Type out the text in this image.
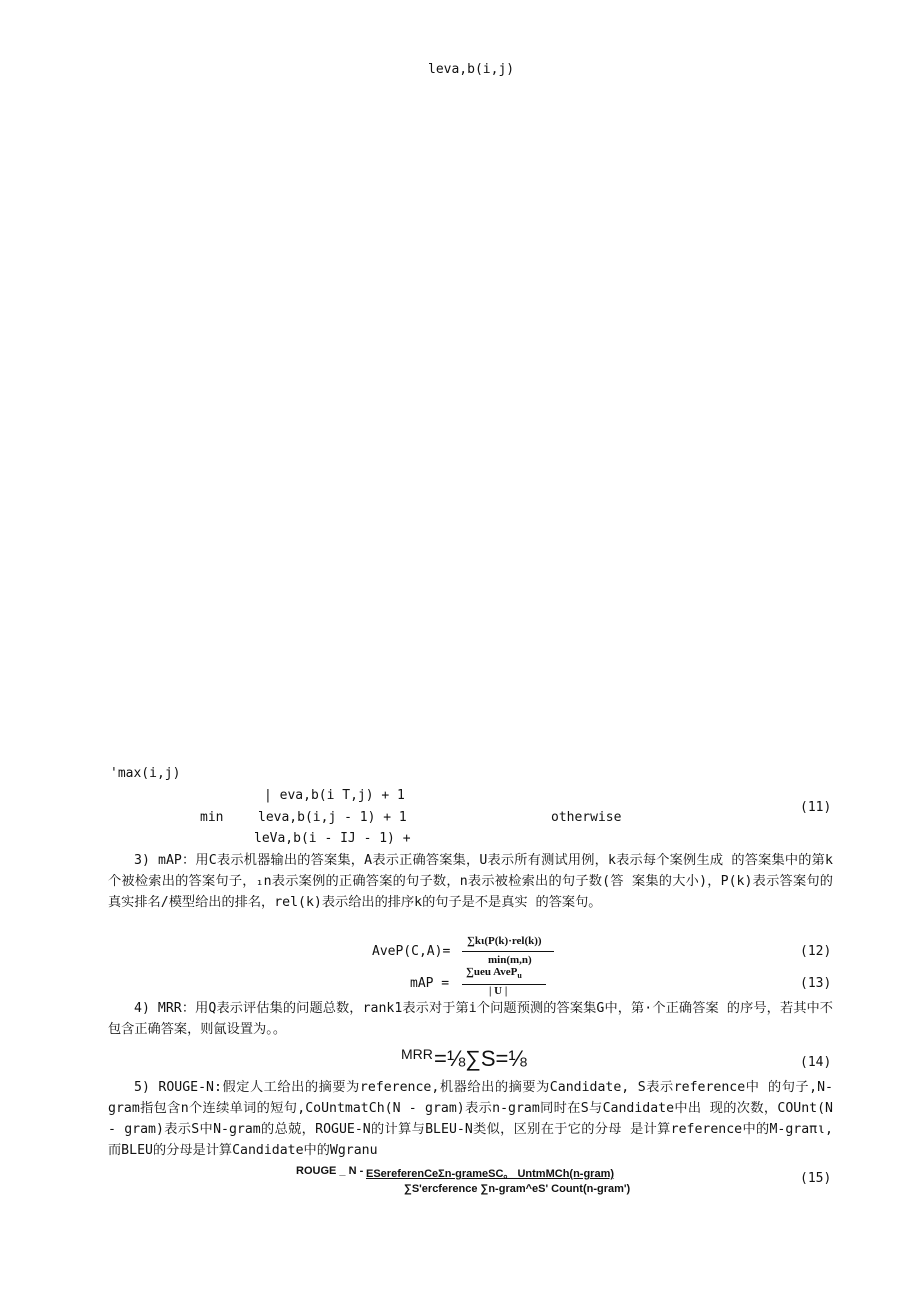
leva,b(i,j)
'max(i,j)
| eva,b(i T,j) + 1
min	leva,b(i,j - 1) + 1	otherwise
leVa,b(i - IJ - 1) +
(11)
3) mAP：用C表示机器输出的答案集，A表示正确答案集，U表示所有测试用例，k表示每个案例生成 的答案集中的第k个被检索出的答案句子，₁n表示案例的正确答案的句子数，n表示被检索出的句子数(答 案集的大小)，P(k)表示答案句的真实排名/模型给出的排名，rel(k)表示给出的排序k的句子是不是真实 的答案句。
AveP(C,A)=
∑kι(P(k)·rel(k))
min(m,n)
(12)
mAP =
∑ueu AveP$_u$
| U |	(13)
4) MRR：用Q表示评估集的问题总数，rank1表示对于第i个问题预测的答案集G中，第·个正确答案 的序号，若其中不包含正确答案，则氤设置为。。
MRR =⅛∑S=⅛	(14)
5) ROUGE-N:假定人工给出的摘要为reference,机器给出的摘要为Candidate, S表示reference中 的句子,N-gram指包含n个连续单词的短句,CoUntmatCh(N - gram)表示n-gram同时在S与Candidate中出 现的次数，COUnt(N - gram)表示S中N-gram的总兢，ROGUE-N的计算与BLEU-N类似，区别在于它的分母 是计算reference中的M-graπι,而BLEU的分母是计算Candidate中的Wgranu
ROUGE _ N - ESereferenCeΣn-grameSC。 UntmMCh(n-gram)
∑S'ercference ∑n-gram^eS' Count(n-gram')
(15)
